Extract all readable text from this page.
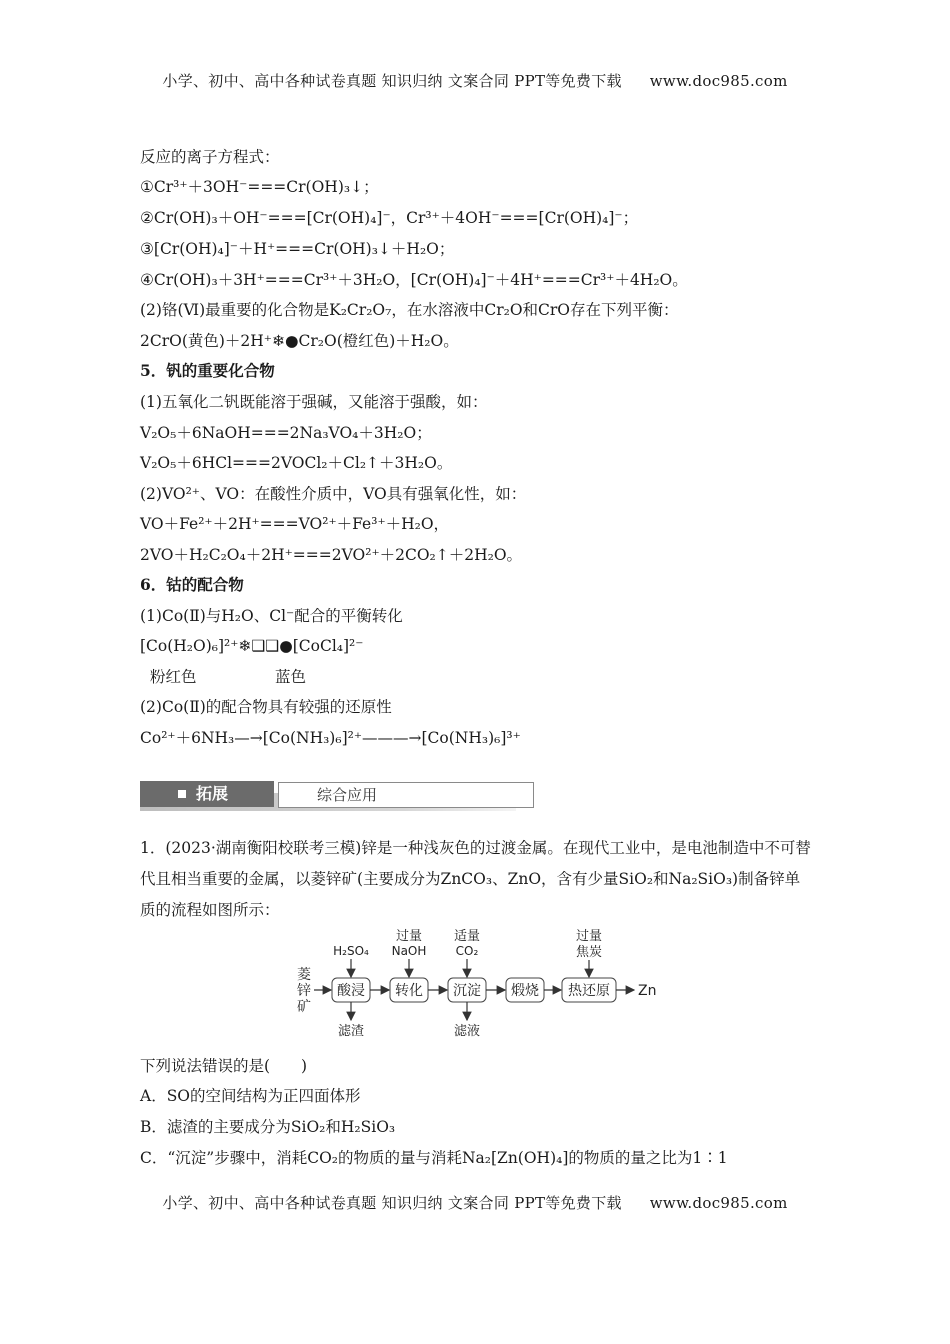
小学、初中、高中各种试卷真题 知识归纳 文案合同 PPT等免费下载 www.doc985.com
反应的离子方程式：
①Cr³⁺＋3OH⁻===Cr(OH)₃↓；
②Cr(OH)₃＋OH⁻===[Cr(OH)₄]⁻，Cr³⁺＋4OH⁻===[Cr(OH)₄]⁻；
③[Cr(OH)₄]⁻＋H⁺===Cr(OH)₃↓＋H₂O；
④Cr(OH)₃＋3H⁺===Cr³⁺＋3H₂O，[Cr(OH)₄]⁻＋4H⁺===Cr³⁺＋4H₂O。
(2)铬(Ⅵ)最重要的化合物是K₂Cr₂O₇，在水溶液中Cr₂O和CrO存在下列平衡：
2CrO(黄色)＋2H⁺❄●Cr₂O(橙红色)＋H₂O。
5．钒的重要化合物
(1)五氧化二钒既能溶于强碱，又能溶于强酸，如：
V₂O₅＋6NaOH===2Na₃VO₄＋3H₂O；
V₂O₅＋6HCl===2VOCl₂＋Cl₂↑＋3H₂O。
(2)VO²⁺、VO：在酸性介质中，VO具有强氧化性，如：
VO＋Fe²⁺＋2H⁺===VO²⁺＋Fe³⁺＋H₂O，
2VO＋H₂C₂O₄＋2H⁺===2VO²⁺＋2CO₂↑＋2H₂O。
6．钴的配合物
(1)Co(Ⅱ)与H₂O、Cl⁻配合的平衡转化
[Co(H₂O)₆]²⁺❄❑❑●[CoCl₄]²⁻
粉红色	蓝色
(2)Co(Ⅱ)的配合物具有较强的还原性
Co²⁺＋6NH₃—→[Co(NH₃)₆]²⁺———→[Co(NH₃)₆]³⁺
拓展	综合应用
1．(2023·湖南衡阳校联考三模)锌是一种浅灰色的过渡金属。在现代工业中，是电池制造中不可替代且相当重要的金属，以菱锌矿(主要成分为ZnCO₃、ZnO，含有少量SiO₂和Na₂SiO₃)制备锌单质的流程如图所示：
菱
锌
矿
酸浸 转化 沉淀 煅烧 热还原 Zn
H₂SO₄
过量
NaOH
适量
CO₂
过量
焦炭
滤渣	滤液
下列说法错误的是(　　)
A．SO的空间结构为正四面体形
B．滤渣的主要成分为SiO₂和H₂SiO₃
C．“沉淀”步骤中，消耗CO₂的物质的量与消耗Na₂[Zn(OH)₄]的物质的量之比为1∶1
小学、初中、高中各种试卷真题 知识归纳 文案合同 PPT等免费下载 www.doc985.com
